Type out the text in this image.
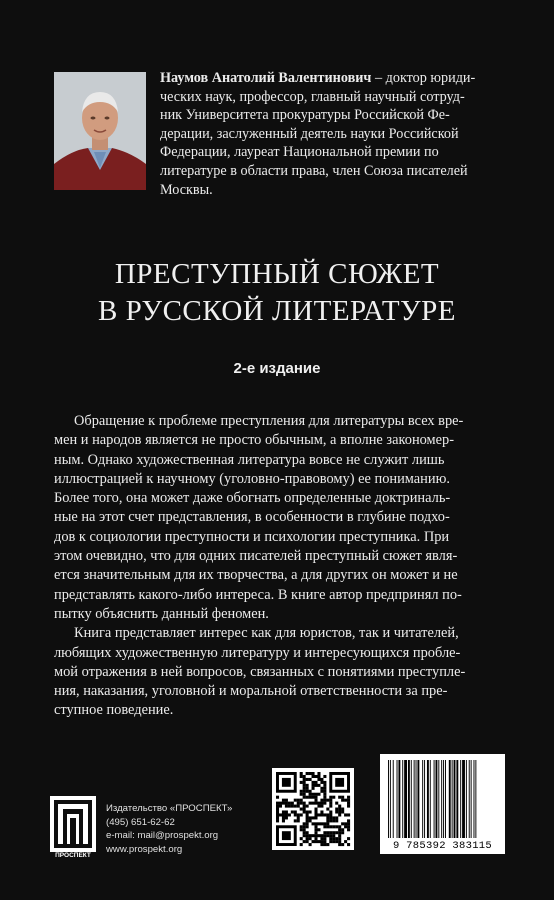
Наумов Анатолий Валентинович – доктор юриди-
ческих наук, профессор, главный научный сотруд-
ник Университета прокуратуры Российской Фе-
дерации, заслуженный деятель науки Российской
Федерации, лауреат Национальной премии по
литературе в области права, член Союза писателей
Москвы.
ПРЕСТУПНЫЙ СЮЖЕТ
В РУССКОЙ ЛИТЕРАТУРЕ
2-е издание

Обращение к проблеме преступления для литературы всех вре-
мен и народов является не просто обычным, а вполне закономер-
ным. Однако художественная литература вовсе не служит лишь
иллюстрацией к научному (уголовно-правовому) ее пониманию.
Более того, она может даже обогнать определенные доктриналь-
ные на этот счет представления, в особенности в глубине подхо-
дов к социологии преступности и психологии преступника. При
этом очевидно, что для одних писателей преступный сюжет явля-
ется значительным для их творчества, а для других он может и не
представлять какого-либо интереса. В книге автор предпринял по-
пытку объяснить данный феномен.

Книга представляет интерес как для юристов, так и читателей,
любящих художественную литературу и интересующихся пробле-
мой отражения в ней вопросов, связанных с понятиями преступле-
ния, наказания, уголовной и моральной ответственности за пре-
ступное поведение.

ПРОСПЕКТ
Издательство «ПРОСПЕКТ»
(495) 651-62-62
e-mail: mail@prospekt.org
www.prospekt.org	9 785392 383115
